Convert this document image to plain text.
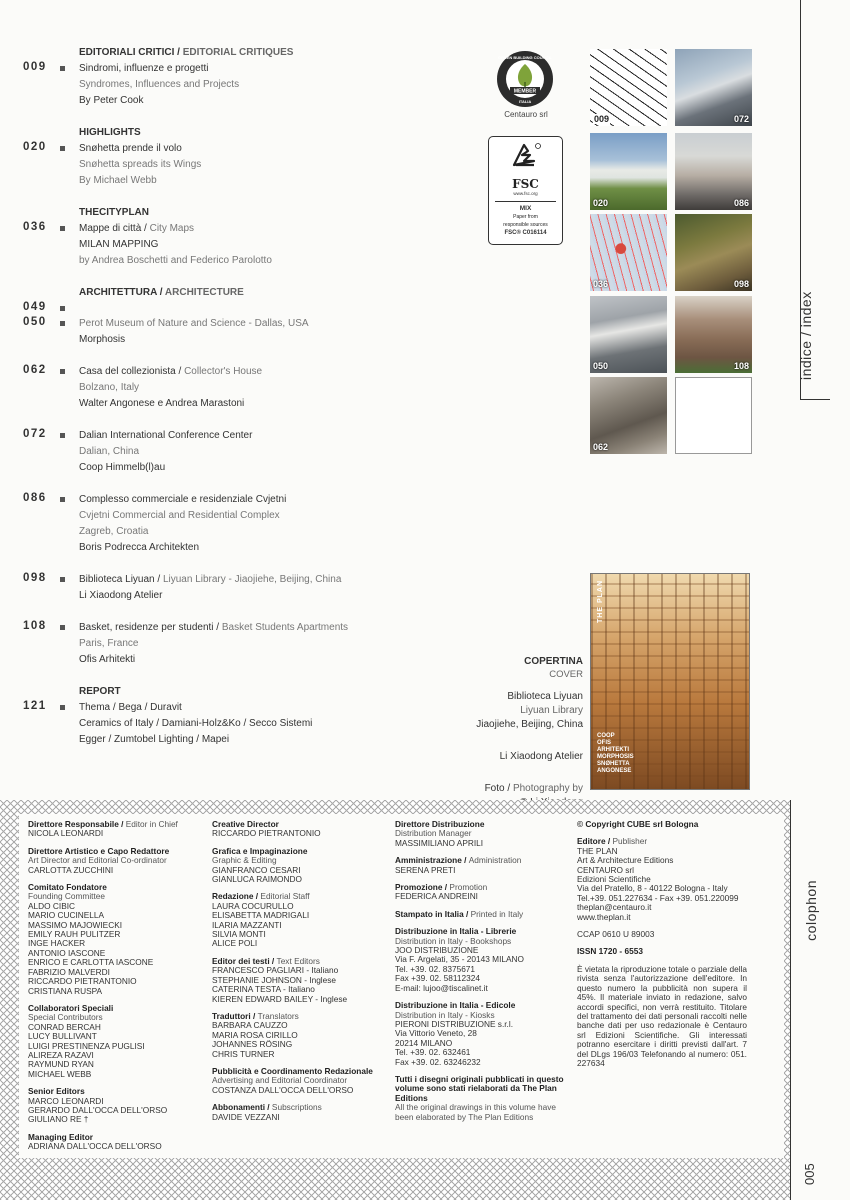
009
EDITORIALI CRITICI / EDITORIAL CRITIQUES
Sindromi, influenze e progetti
Syndromes, Influences and Projects
By Peter Cook
020
HIGHLIGHTS
Snøhetta prende il volo
Snøhetta spreads its Wings
By Michael Webb
036
THECITYPLAN
Mappe di città / City Maps
MILAN MAPPING
by Andrea Boschetti and Federico Parolotto
049
ARCHITETTURA / ARCHITECTURE
050	Perot Museum of Nature and Science - Dallas, USA
Morphosis
062	Casa del collezionista / Collector's House
Bolzano, Italy
Walter Angonese e Andrea Marastoni
072	Dalian International Conference Center
Dalian, China
Coop Himmelb(l)au
086	Complesso commerciale e residenziale Cvjetni
Cvjetni Commercial and Residential Complex
Zagreb, Croatia
Boris Podrecca Architekten
098	Biblioteca Liyuan / Liyuan Library - Jiaojiehe, Beijing, China
Li Xiaodong Atelier
108	Basket, residenze per studenti / Basket Students Apartments
Paris, France
Ofis Arhitekti
121
REPORT
Thema / Bega / Duravit
Ceramics of Italy / Damiani-Holz&Ko / Secco Sistemi
Egger / Zumtobel Lighting / Mapei
MEMBER
GREEN BUILDING COUNCIL
ITALIA
Centauro srl
FSC
www.fsc.org
MIX
Paper from
responsible sources
FSC® C016114
009	072
020	086
036	098
050	108
062
indice / index
COPERTINA
COVER
Biblioteca Liyuan
Liyuan Library
Jiaojiehe, Beijing, China
Li Xiaodong Atelier
Foto / Photography by
THE PLAN
COOP
OFIS
ARHITEKTI
MORPHOSIS
SNØHETTA
ANGONESE
colophon
005
Direttore Responsabile / Editor in Chief
NICOLA LEONARDI
Direttore Artistico e Capo Redattore
Art Director and Editorial Co-ordinator
CARLOTTA ZUCCHINI
Comitato Fondatore
Founding Committee
ALDO CIBIC
MARIO CUCINELLA
MASSIMO MAJOWIECKI
EMILY RAUH PULITZER
INGE HACKER
ANTONIO IASCONE
ENRICO E CARLOTTA IASCONE
FABRIZIO MALVERDI
RICCARDO PIETRANTONIO
CRISTIANA RUSPA
Collaboratori Speciali
Special Contributors
CONRAD BERCAH
LUCY BULLIVANT
LUIGI PRESTINENZA PUGLISI
ALIREZA RAZAVI
RAYMUND RYAN
MICHAEL WEBB
Senior Editors
MARCO LEONARDI
GERARDO DALL'OCCA DELL'ORSO
GIULIANO RE †
Managing Editor
ADRIANA DALL'OCCA DELL'ORSO
Creative Director
RICCARDO PIETRANTONIO
Grafica e Impaginazione
Graphic & Editing
GIANFRANCO CESARI
GIANLUCA RAIMONDO
Redazione / Editorial Staff
LAURA COCURULLO
ELISABETTA MADRIGALI
ILARIA MAZZANTI
SILVIA MONTI
ALICE POLI
Editor dei testi / Text Editors
FRANCESCO PAGLIARI - Italiano
STEPHANIE JOHNSON - Inglese
CATERINA TESTA - Italiano
KIEREN EDWARD BAILEY - Inglese
Traduttori / Translators
BARBARA CAUZZO
MARIA ROSA CIRILLO
JOHANNES RÖSING
CHRIS TURNER
Pubblicità e Coordinamento Redazionale
Advertising and Editorial Coordinator
COSTANZA DALL'OCCA DELL'ORSO
Abbonamenti / Subscriptions
DAVIDE VEZZANI
Direttore Distribuzione
Distribution Manager
MASSIMILIANO APRILI
Amministrazione / Administration
SERENA PRETI
Promozione / Promotion
FEDERICA ANDREINI
Stampato in Italia / Printed in Italy
Distribuzione in Italia - Librerie
Distribution in Italy - Bookshops
JOO DISTRIBUZIONE
Via F. Argelati, 35 - 20143 MILANO
Tel. +39. 02. 8375671
Fax +39. 02. 58112324
E-mail: lujoo@tiscalinet.it
Distribuzione in Italia - Edicole
Distribution in Italy - Kiosks
PIERONI DISTRIBUZIONE s.r.l.
Via Vittorio Veneto, 28
20214 MILANO
Tel. +39. 02. 632461
Fax +39. 02. 63246232
Tutti i disegni originali pubblicati in questo volume sono stati rielaborati da The Plan Editions
All the original drawings in this volume have been elaborated by The Plan Editions
© Copyright CUBE srl Bologna
Editore / Publisher
THE PLAN
Art & Architecture Editions
CENTAURO srl
Edizioni Scientifiche
Via del Pratello, 8 - 40122 Bologna - Italy
Tel.+39. 051.227634 - Fax +39. 051.220099
theplan@centauro.it
www.theplan.it
CCAP 0610 U 89003
ISSN 1720 - 6553
È vietata la riproduzione totale o parziale della rivista senza l'autorizzazione dell'editore. In questo numero la pubblicità non supera il 45%. Il materiale inviato in redazione, salvo accordi specifici, non verrà restituito. Titolare del trattamento dei dati personali raccolti nelle banche dati per uso redazionale è Centauro srl Edizioni Scientifiche. Gli interessati potranno esercitare i diritti previsti dall'art. 7 del DLgs 196/03 Telefonando al numero: 051. 227634
